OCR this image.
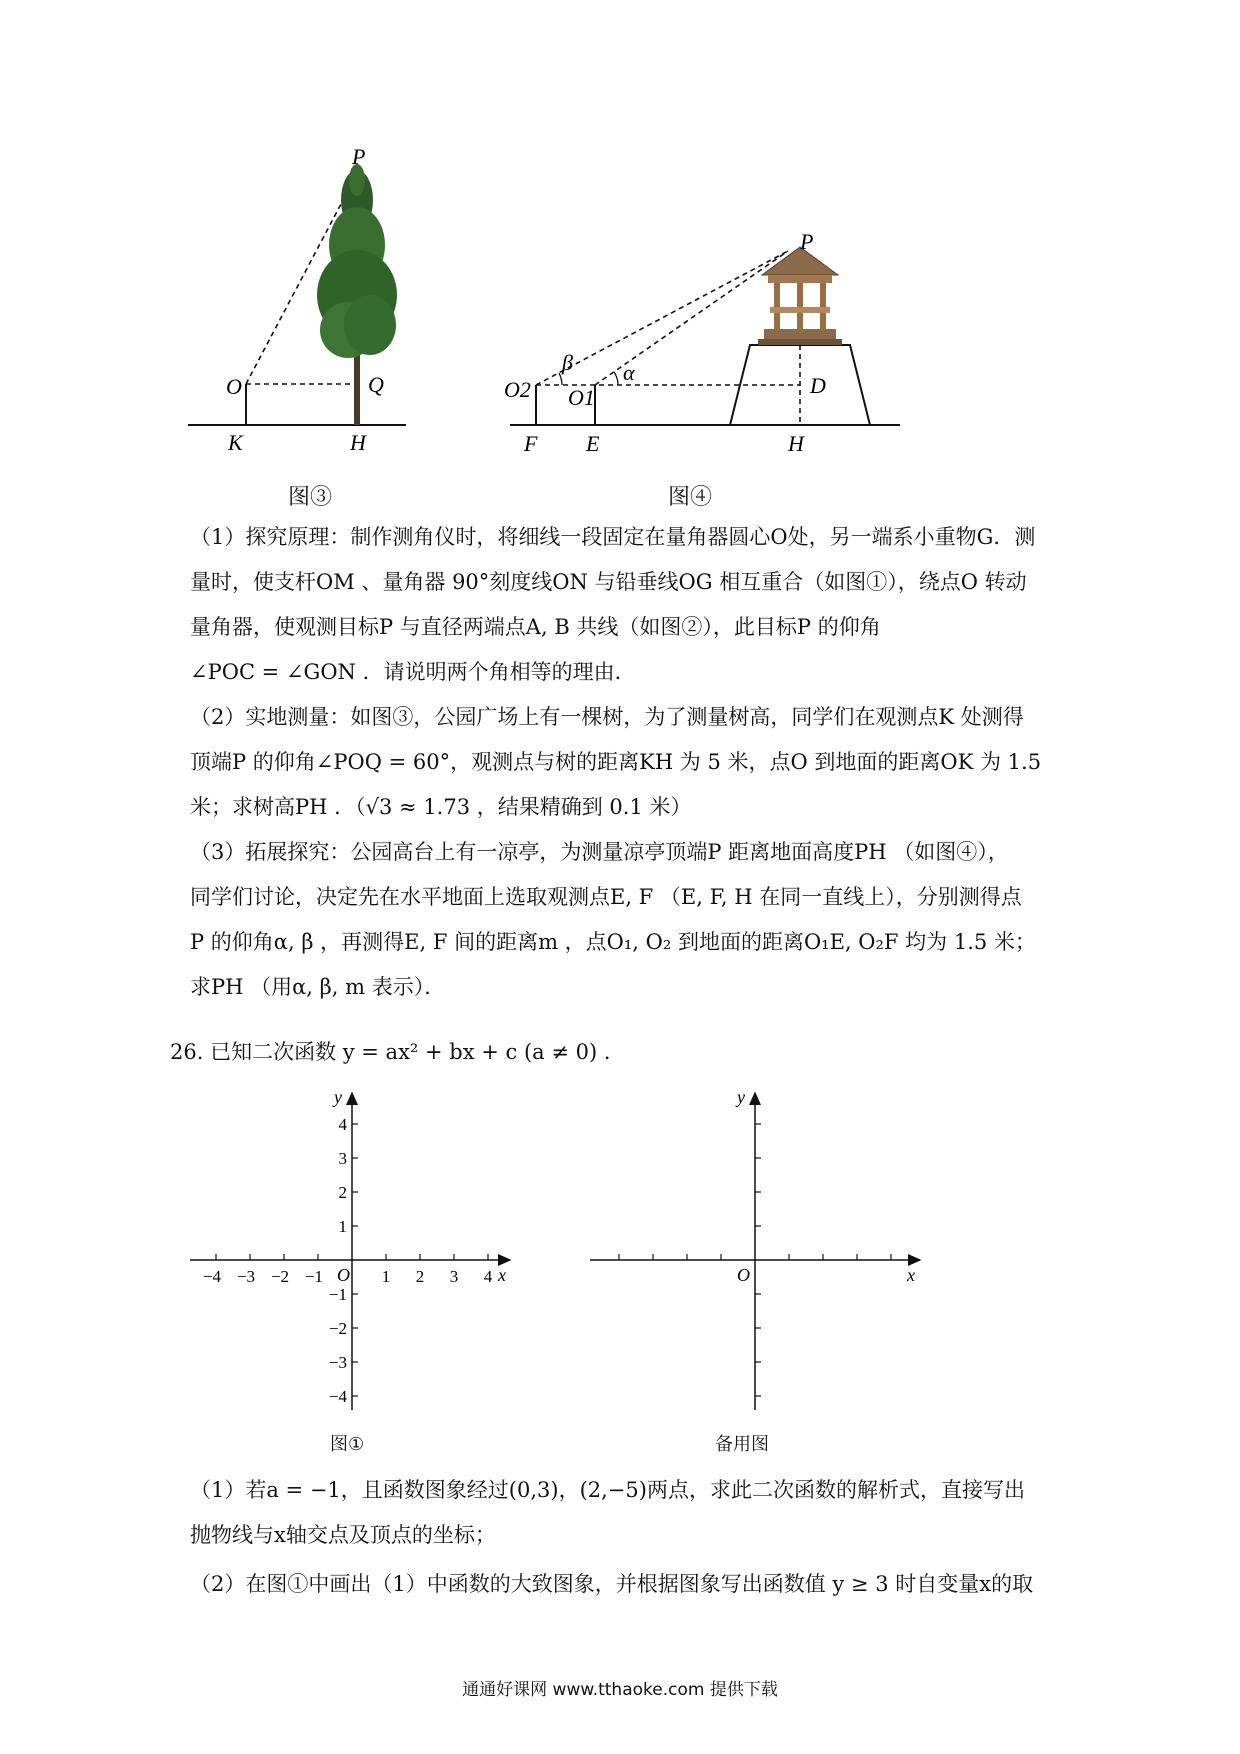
P
O	Q
K	H
图③
P
O2 O1	D
F E	H
β α
图④
（1）探究原理：制作测角仪时，将细线一段固定在量角器圆心O处，另一端系小重物G．测
量时，使支杆OM 、量角器 90°刻度线ON 与铅垂线OG 相互重合（如图①），绕点O 转动
量角器，使观测目标P 与直径两端点A, B 共线（如图②），此目标P 的仰角
∠POC = ∠GON ．请说明两个角相等的理由．
（2）实地测量：如图③，公园广场上有一棵树，为了测量树高，同学们在观测点K 处测得
顶端P 的仰角∠POQ = 60°，观测点与树的距离KH 为 5 米，点O 到地面的距离OK 为 1.5
米；求树高PH ．（√3 ≈ 1.73 ，结果精确到 0.1 米）
（3）拓展探究：公园高台上有一凉亭，为测量凉亭顶端P 距离地面高度PH （如图④），
同学们讨论，决定先在水平地面上选取观测点E, F （E, F, H 在同一直线上），分别测得点
P 的仰角α, β ，再测得E, F 间的距离m ，点O₁, O₂ 到地面的距离O₁E, O₂F 均为 1.5 米；
求PH （用α, β, m 表示）．
26. 已知二次函数 y = ax² + bx + c (a ≠ 0) ．
−4 −3 −2 −1	1 2 3 4
4
3
2
1
−1
−2
−3
−4
O	x
y
图①
O	x
y
备用图
（1）若a = −1，且函数图象经过(0,3)，(2,−5)两点，求此二次函数的解析式，直接写出
抛物线与x轴交点及顶点的坐标；
（2）在图①中画出（1）中函数的大致图象，并根据图象写出函数值 y ≥ 3 时自变量x的取
通通好课网 www.tthaoke.com 提供下载
